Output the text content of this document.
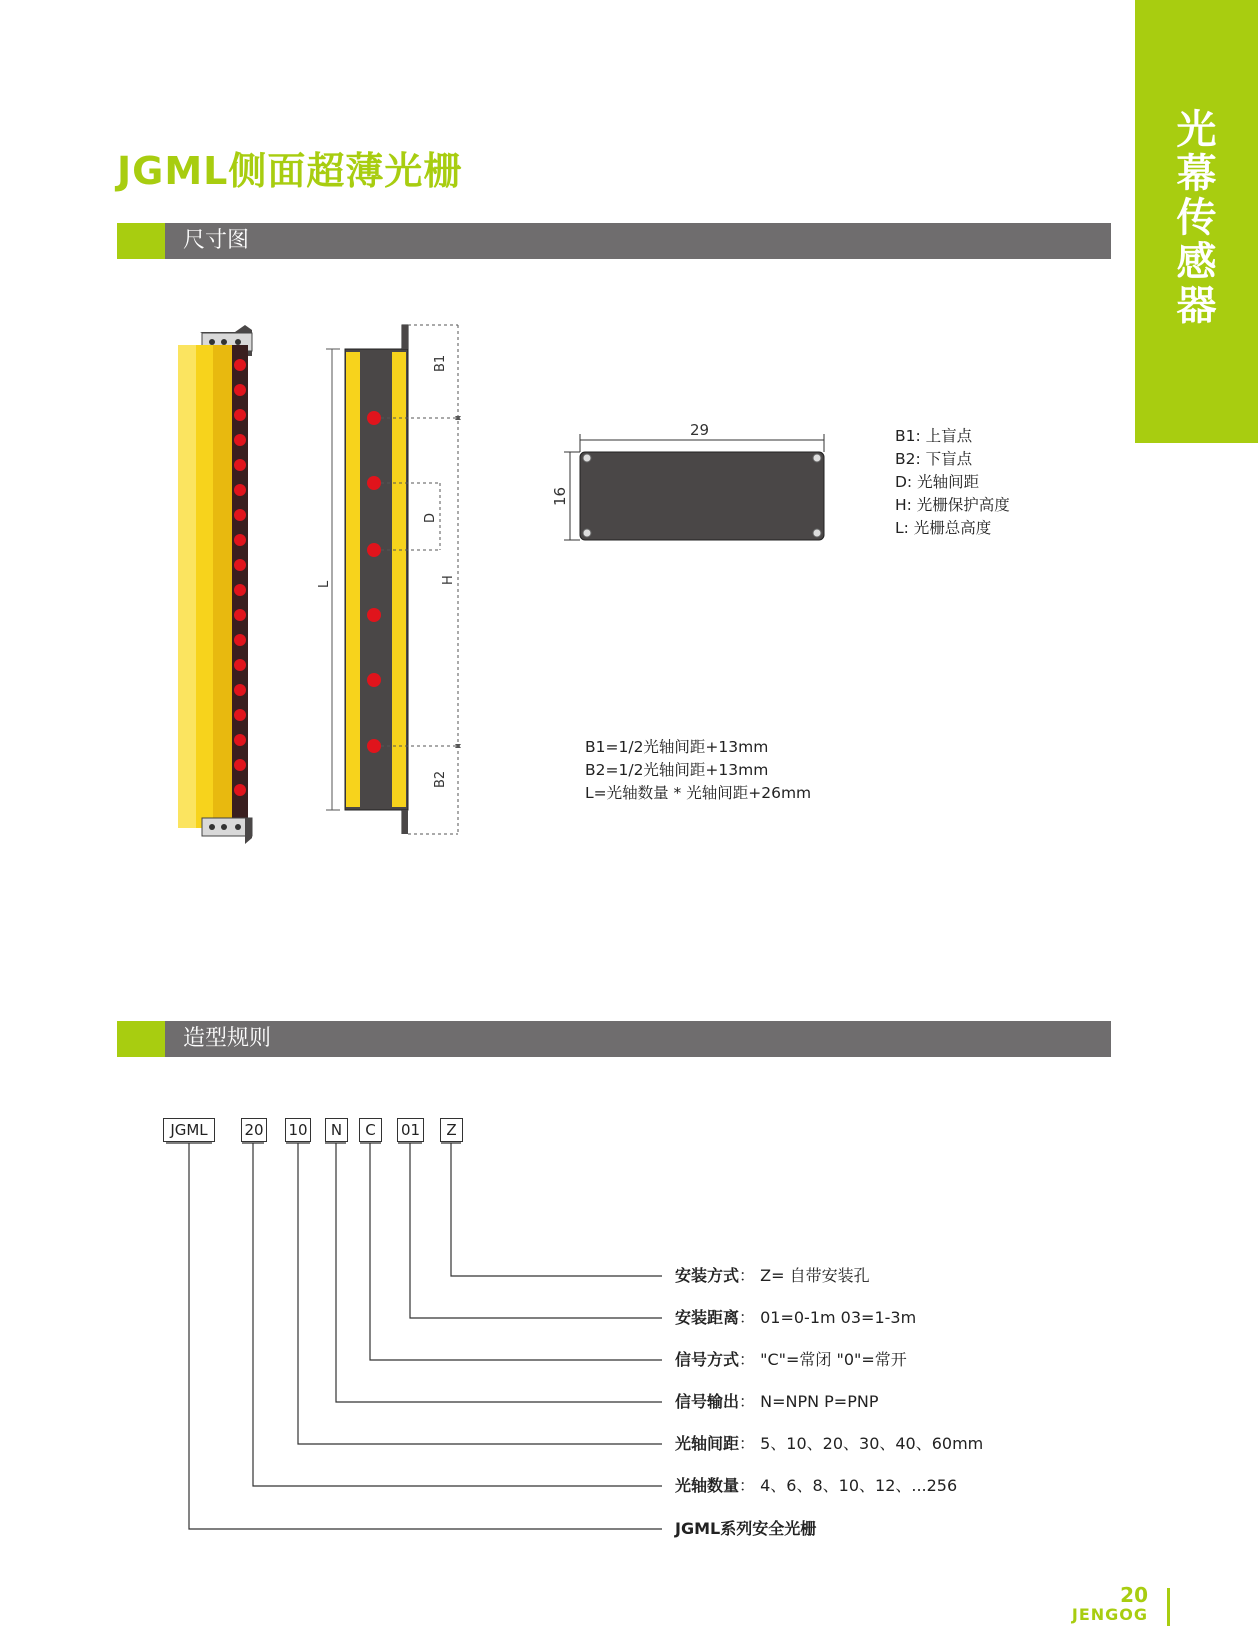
光
幕
传
感
器
JGML侧面超薄光栅
尺寸图
造型规则
B1
D
H
L
B2
29
16
B1: 上盲点
B2: 下盲点
D: 光轴间距
H: 光栅保护高度
L: 光栅总高度
B1=1/2光轴间距+13mm
B2=1/2光轴间距+13mm
L=光轴数量 * 光轴间距+26mm
JGML	20 10	N	C	01	Z
安装方式： Z= 自带安装孔
安装距离： 01=0-1m 03=1-3m
信号方式： "C"=常闭 "0"=常开
信号输出： N=NPN P=PNP
光轴间距： 5、10、20、30、40、60mm
光轴数量： 4、6、8、10、12、...256
JGML系列安全光栅
20
JENGOG
